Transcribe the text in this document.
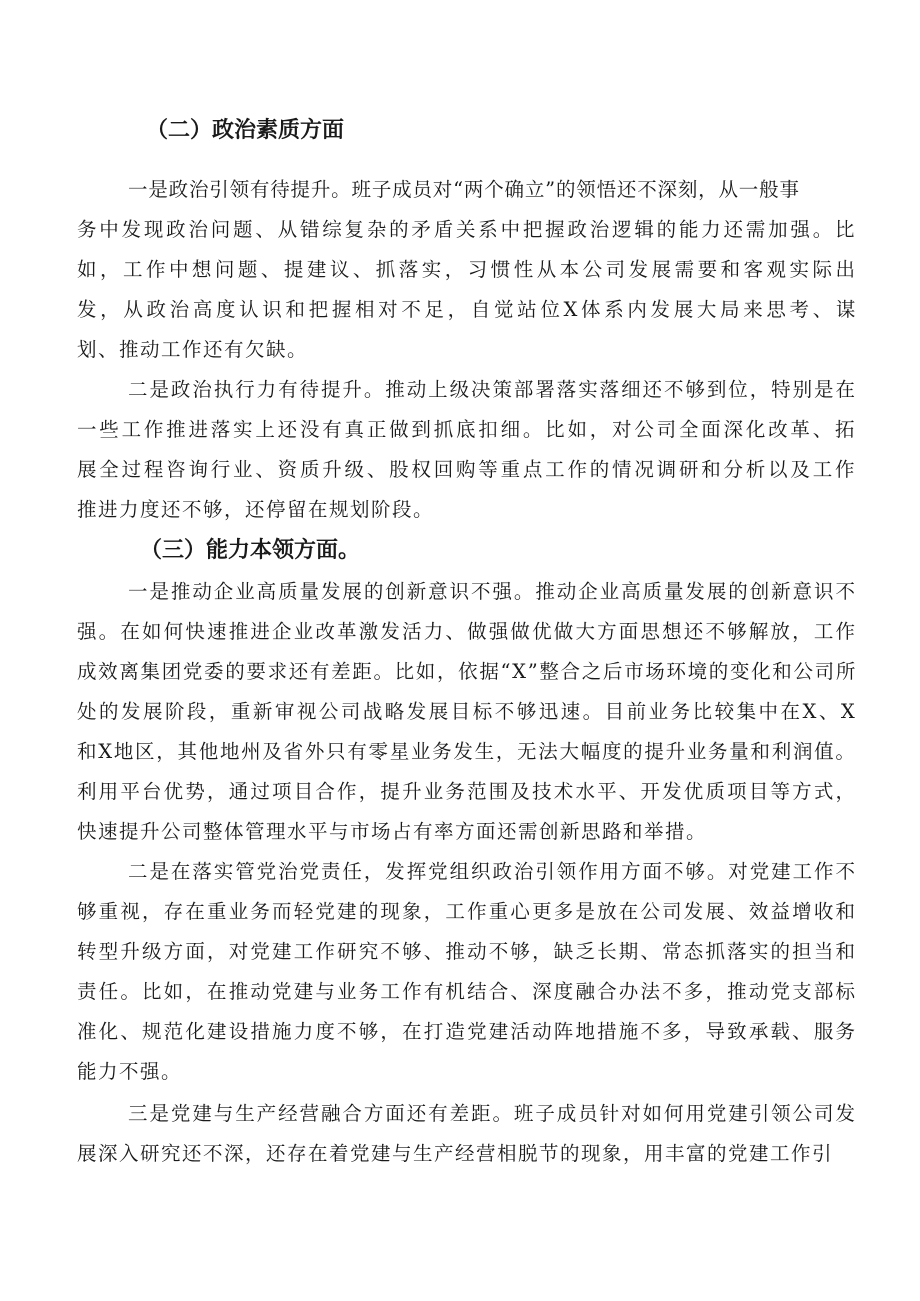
（二）政治素质方面

一是政治引领有待提升。班子成员对“两个确立”的领悟还不深刻，从一般事

务中发现政治问题、从错综复杂的矛盾关系中把握政治逻辑的能力还需加强。比

如，工作中想问题、提建议、抓落实，习惯性从本公司发展需要和客观实际出

发，从政治高度认识和把握相对不足，自觉站位X体系内发展大局来思考、谋

划、推动工作还有欠缺。

二是政治执行力有待提升。推动上级决策部署落实落细还不够到位，特别是在

一些工作推进落实上还没有真正做到抓底扣细。比如，对公司全面深化改革、拓

展全过程咨询行业、资质升级、股权回购等重点工作的情况调研和分析以及工作

推进力度还不够，还停留在规划阶段。

（三）能力本领方面。

一是推动企业高质量发展的创新意识不强。推动企业高质量发展的创新意识不

强。在如何快速推进企业改革激发活力、做强做优做大方面思想还不够解放，工作

成效离集团党委的要求还有差距。比如，依据“X”整合之后市场环境的变化和公司所

处的发展阶段，重新审视公司战略发展目标不够迅速。目前业务比较集中在X、X

和X地区，其他地州及省外只有零星业务发生，无法大幅度的提升业务量和利润值。

利用平台优势，通过项目合作，提升业务范围及技术水平、开发优质项目等方式，

快速提升公司整体管理水平与市场占有率方面还需创新思路和举措。

二是在落实管党治党责任，发挥党组织政治引领作用方面不够。对党建工作不

够重视，存在重业务而轻党建的现象，工作重心更多是放在公司发展、效益增收和

转型升级方面，对党建工作研究不够、推动不够，缺乏长期、常态抓落实的担当和

责任。比如，在推动党建与业务工作有机结合、深度融合办法不多，推动党支部标

准化、规范化建设措施力度不够，在打造党建活动阵地措施不多，导致承载、服务

能力不强。

三是党建与生产经营融合方面还有差距。班子成员针对如何用党建引领公司发

展深入研究还不深，还存在着党建与生产经营相脱节的现象，用丰富的党建工作引
